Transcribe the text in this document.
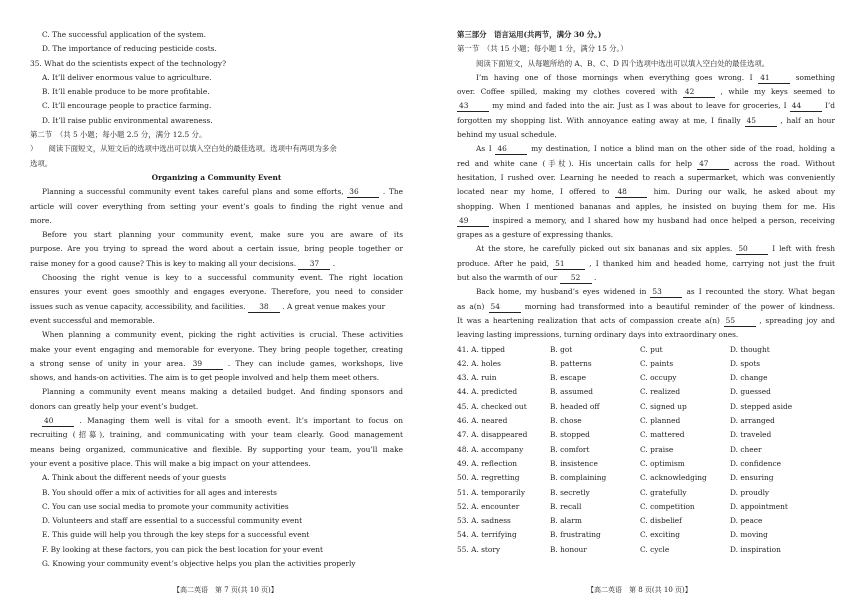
C. The successful application of the system.
D. The importance of reducing pesticide costs.
35. What do the scientists expect of the technology?
A. It’ll deliver enormous value to agriculture.
B. It’ll enable produce to be more profitable.
C. It’ll encourage people to practice farming.
D. It’ll raise public environmental awareness.
第二节　（共 5 小题；每小题 2.5 分，满分 12.5 分。
）　　阅读下面短文，从短文后的选项中选出可以填入空白处的最佳选项。选项中有两项为多余
选项。
Organizing a Community Event
Planning a successful community event takes careful plans and some efforts, 36	. The
article will cover everything from setting your event’s goals to finding the right venue and
more.
Before you start planning your community event, make sure you are aware of its
purpose. Are you trying to spread the word about a certain issue, bring people together or
raise money for a good cause? This is key to making all your decisions. 37 .
Choosing the right venue is key to a successful community event. The right location
ensures your event goes smoothly and engages everyone. Therefore, you need to consider
issues such as venue capacity, accessibility, and facilities. 38 . A great venue makes your
event successful and memorable.
When planning a community event, picking the right activities is crucial. These activities
make your event engaging and memorable for everyone. They bring people together, creating
a strong sense of unity in your area. 39	. They can include games, workshops, live
shows, and hands-on activities. The aim is to get people involved and help them meet others.
Planning a community event means making a detailed budget. And finding sponsors and
donors can greatly help your event’s budget.
40	. Managing them well is vital for a smooth event. It’s important to focus on
recruiting (招募), training, and communicating with your team clearly. Good management
means being organized, communicative and flexible. By supporting your team, you’ll make
your event a positive place. This will make a big impact on your attendees.
A. Think about the different needs of your guests
B. You should offer a mix of activities for all ages and interests
C. You can use social media to promote your community activities
D. Volunteers and staff are essential to a successful community event
E. This guide will help you through the key steps for a successful event
F. By looking at these factors, you can pick the best location for your event
G. Knowing your community event’s objective helps you plan the activities properly
【高二英语　第 7 页(共 10 页)】
第三部分　语言运用(共两节，满分 30 分。)
第一节　（共 15 小题；每小题 1 分，满分 15 分。）
阅读下面短文，从每题所给的 A、B、C、D 四个选项中选出可以填入空白处的最佳选项。
I’m having one of those mornings when everything goes wrong. I 41	something
over. Coffee spilled, making my clothes covered with 42	, while my keys seemed to
43	my mind and faded into the air. Just as I was about to leave for groceries, I 44	I’d
forgotten my shopping list. With annoyance eating away at me, I finally 45	, half an hour
behind my usual schedule.
As I 46	my destination, I notice a blind man on the other side of the road, holding a
red and white cane (手杖). His uncertain calls for help 47	across the road. Without
hesitation, I rushed over. Learning he needed to reach a supermarket, which was conveniently
located near my home, I offered to 48	him. During our walk, he asked about my
shopping. When I mentioned bananas and apples, he insisted on buying them for me. His
49	inspired a memory, and I shared how my husband had once helped a person, receiving
grapes as a gesture of expressing thanks.
At the store, he carefully picked out six bananas and six apples. 50	I left with fresh
produce. After he paid, 51	, I thanked him and headed home, carrying not just the fruit
but also the warmth of our 52 .
Back home, my husband’s eyes widened in 53	as I recounted the story. What began
as a(n) 54	morning had transformed into a beautiful reminder of the power of kindness.
It was a heartening realization that acts of compassion create a(n) 55	, spreading joy and
leaving lasting impressions, turning ordinary days into extraordinary ones.
41. A. tipped	B. got	C. put	D. thought
42. A. holes	B. patterns	C. paints	D. spots
43. A. ruin	B. escape	C. occupy	D. change
44. A. predicted	B. assumed	C. realized	D. guessed
45. A. checked out	B. headed off	C. signed up	D. stepped aside
46. A. neared	B. chose	C. planned	D. arranged
47. A. disappeared	B. stopped	C. mattered	D. traveled
48. A. accompany	B. comfort	C. praise	D. cheer
49. A. reflection	B. insistence	C. optimism	D. confidence
50. A. regretting	B. complaining	C. acknowledging	D. ensuring
51. A. temporarily	B. secretly	C. gratefully	D. proudly
52. A. encounter	B. recall	C. competition	D. appointment
53. A. sadness	B. alarm	C. disbelief	D. peace
54. A. terrifying	B. frustrating	C. exciting	D. moving
55. A. story	B. honour	C. cycle	D. inspiration
【高二英语　第 8 页(共 10 页)】
